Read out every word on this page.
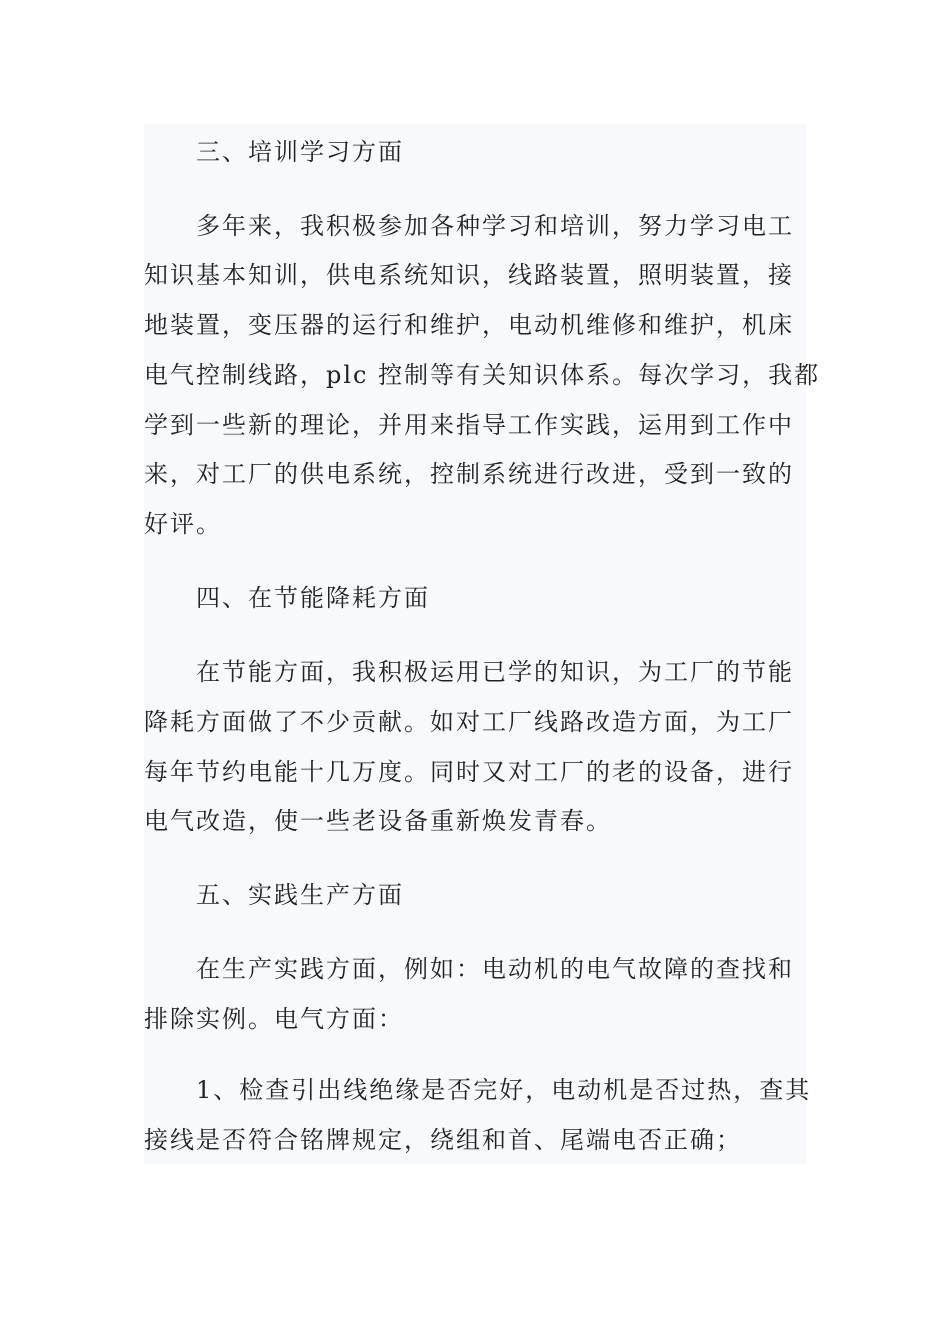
三、培训学习方面
多年来，我积极参加各种学习和培训，努力学习电工
知识基本知训，供电系统知识，线路装置，照明装置，接
地装置，变压器的运行和维护，电动机维修和维护，机床
电气控制线路，plc 控制等有关知识体系。每次学习，我都
学到一些新的理论，并用来指导工作实践，运用到工作中
来，对工厂的供电系统，控制系统进行改进，受到一致的
好评。
四、在节能降耗方面
在节能方面，我积极运用已学的知识，为工厂的节能
降耗方面做了不少贡献。如对工厂线路改造方面，为工厂
每年节约电能十几万度。同时又对工厂的老的设备，进行
电气改造，使一些老设备重新焕发青春。
五、实践生产方面
在生产实践方面，例如：电动机的电气故障的查找和
排除实例。电气方面：
1、检查引出线绝缘是否完好，电动机是否过热，查其
接线是否符合铭牌规定，绕组和首、尾端电否正确；
